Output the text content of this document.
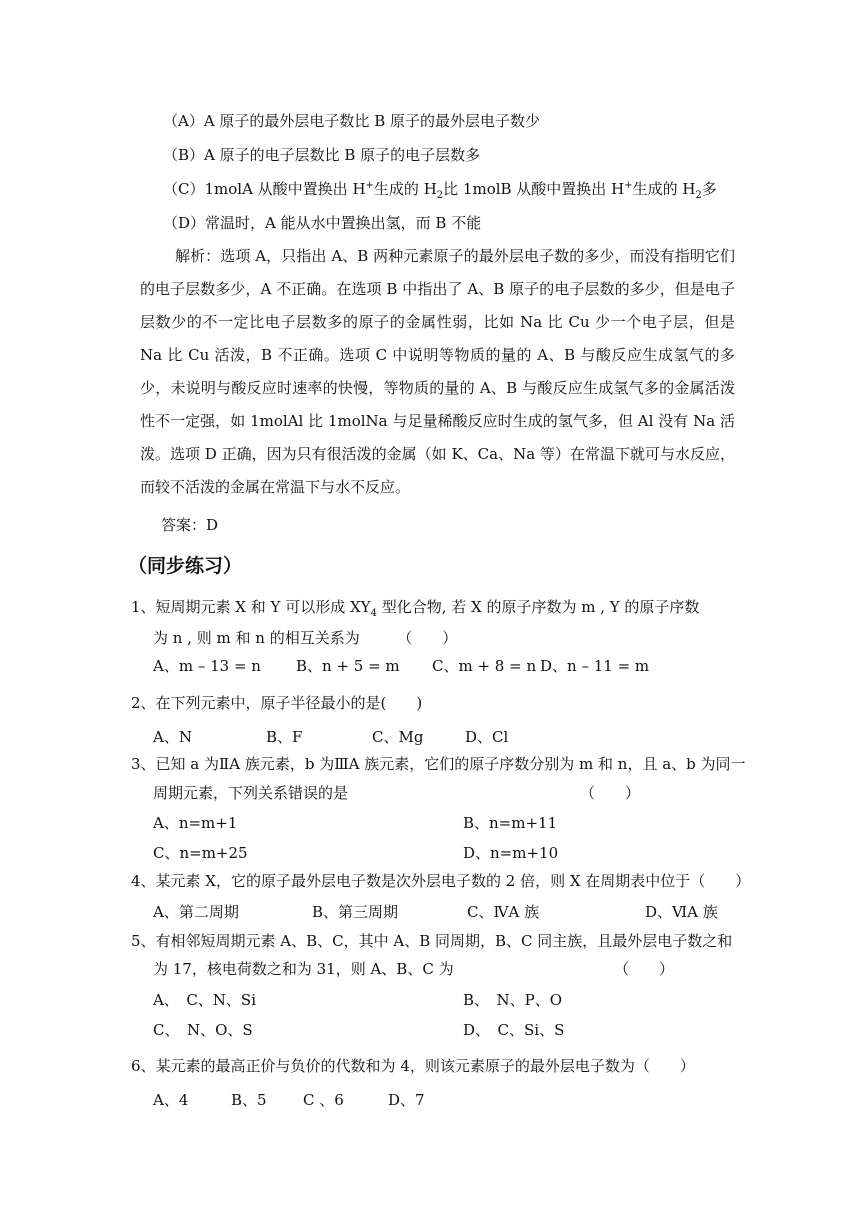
（A）A 原子的最外层电子数比 B 原子的最外层电子数少
（B）A 原子的电子层数比 B 原子的电子层数多
（C）1molA 从酸中置换出 H+生成的 $H_2$比 1molB 从酸中置换出 H+生成的 $H_2$多
（D）常温时，A 能从水中置换出氢，而 B 不能
解析：选项 A，只指出 A、B 两种元素原子的最外层电子数的多少，而没有指明它们的电子层数多少，A 不正确。在选项 B 中指出了 A、B 原子的电子层数的多少，但是电子层数少的不一定比电子层数多的原子的金属性弱，比如 Na 比 Cu 少一个电子层，但是 Na 比 Cu 活泼，B 不正确。选项 C 中说明等物质的量的 A、B 与酸反应生成氢气的多少，未说明与酸反应时速率的快慢，等物质的量的 A、B 与酸反应生成氢气多的金属活泼性不一定强，如 1molAl 比 1molNa 与足量稀酸反应时生成的氢气多，但 Al 没有 Na 活泼。选项 D 正确，因为只有很活泼的金属（如 K、Ca、Na 等）在常温下就可与水反应，而较不活泼的金属在常温下与水不反应。
答案：D
（同步练习）
1、短周期元素 X 和 Y 可以形成 $XY_4$ 型化合物, 若 X 的原子序数为 m , Y 的原子序数
为 n , 则 m 和 n 的相互关系为　　　（　　）
A、m – 13 = n B、n + 5 = m C、m + 8 = n D、n – 11 = m
2、在下列元素中，原子半径最小的是(　　)
A、N	B、F	C、Mg	D、Cl
3、已知 a 为ⅡA 族元素，b 为ⅢA 族元素，它们的原子序数分别为 m 和 n，且 a、b 为同一
周期元素，下列关系错误的是	（　　）
A、n=m+1	B、n=m+11
C、n=m+25	D、n=m+10
4、某元素 X，它的原子最外层电子数是次外层电子数的 2 倍，则 X 在周期表中位于（　　）
A、第二周期	B、第三周期	C、ⅣA 族	D、ⅥA 族
5、有相邻短周期元素 A、B、C，其中 A、B 同周期，B、C 同主族，且最外层电子数之和
为 17，核电荷数之和为 31，则 A、B、C 为	（　　）
A、　C、N、Si	B、　N、P、O
C、　N、O、S	D、　C、Si、S
6、某元素的最高正价与负价的代数和为 4，则该元素原子的最外层电子数为（　　）
A、4	B、5 C 、6	D、7
